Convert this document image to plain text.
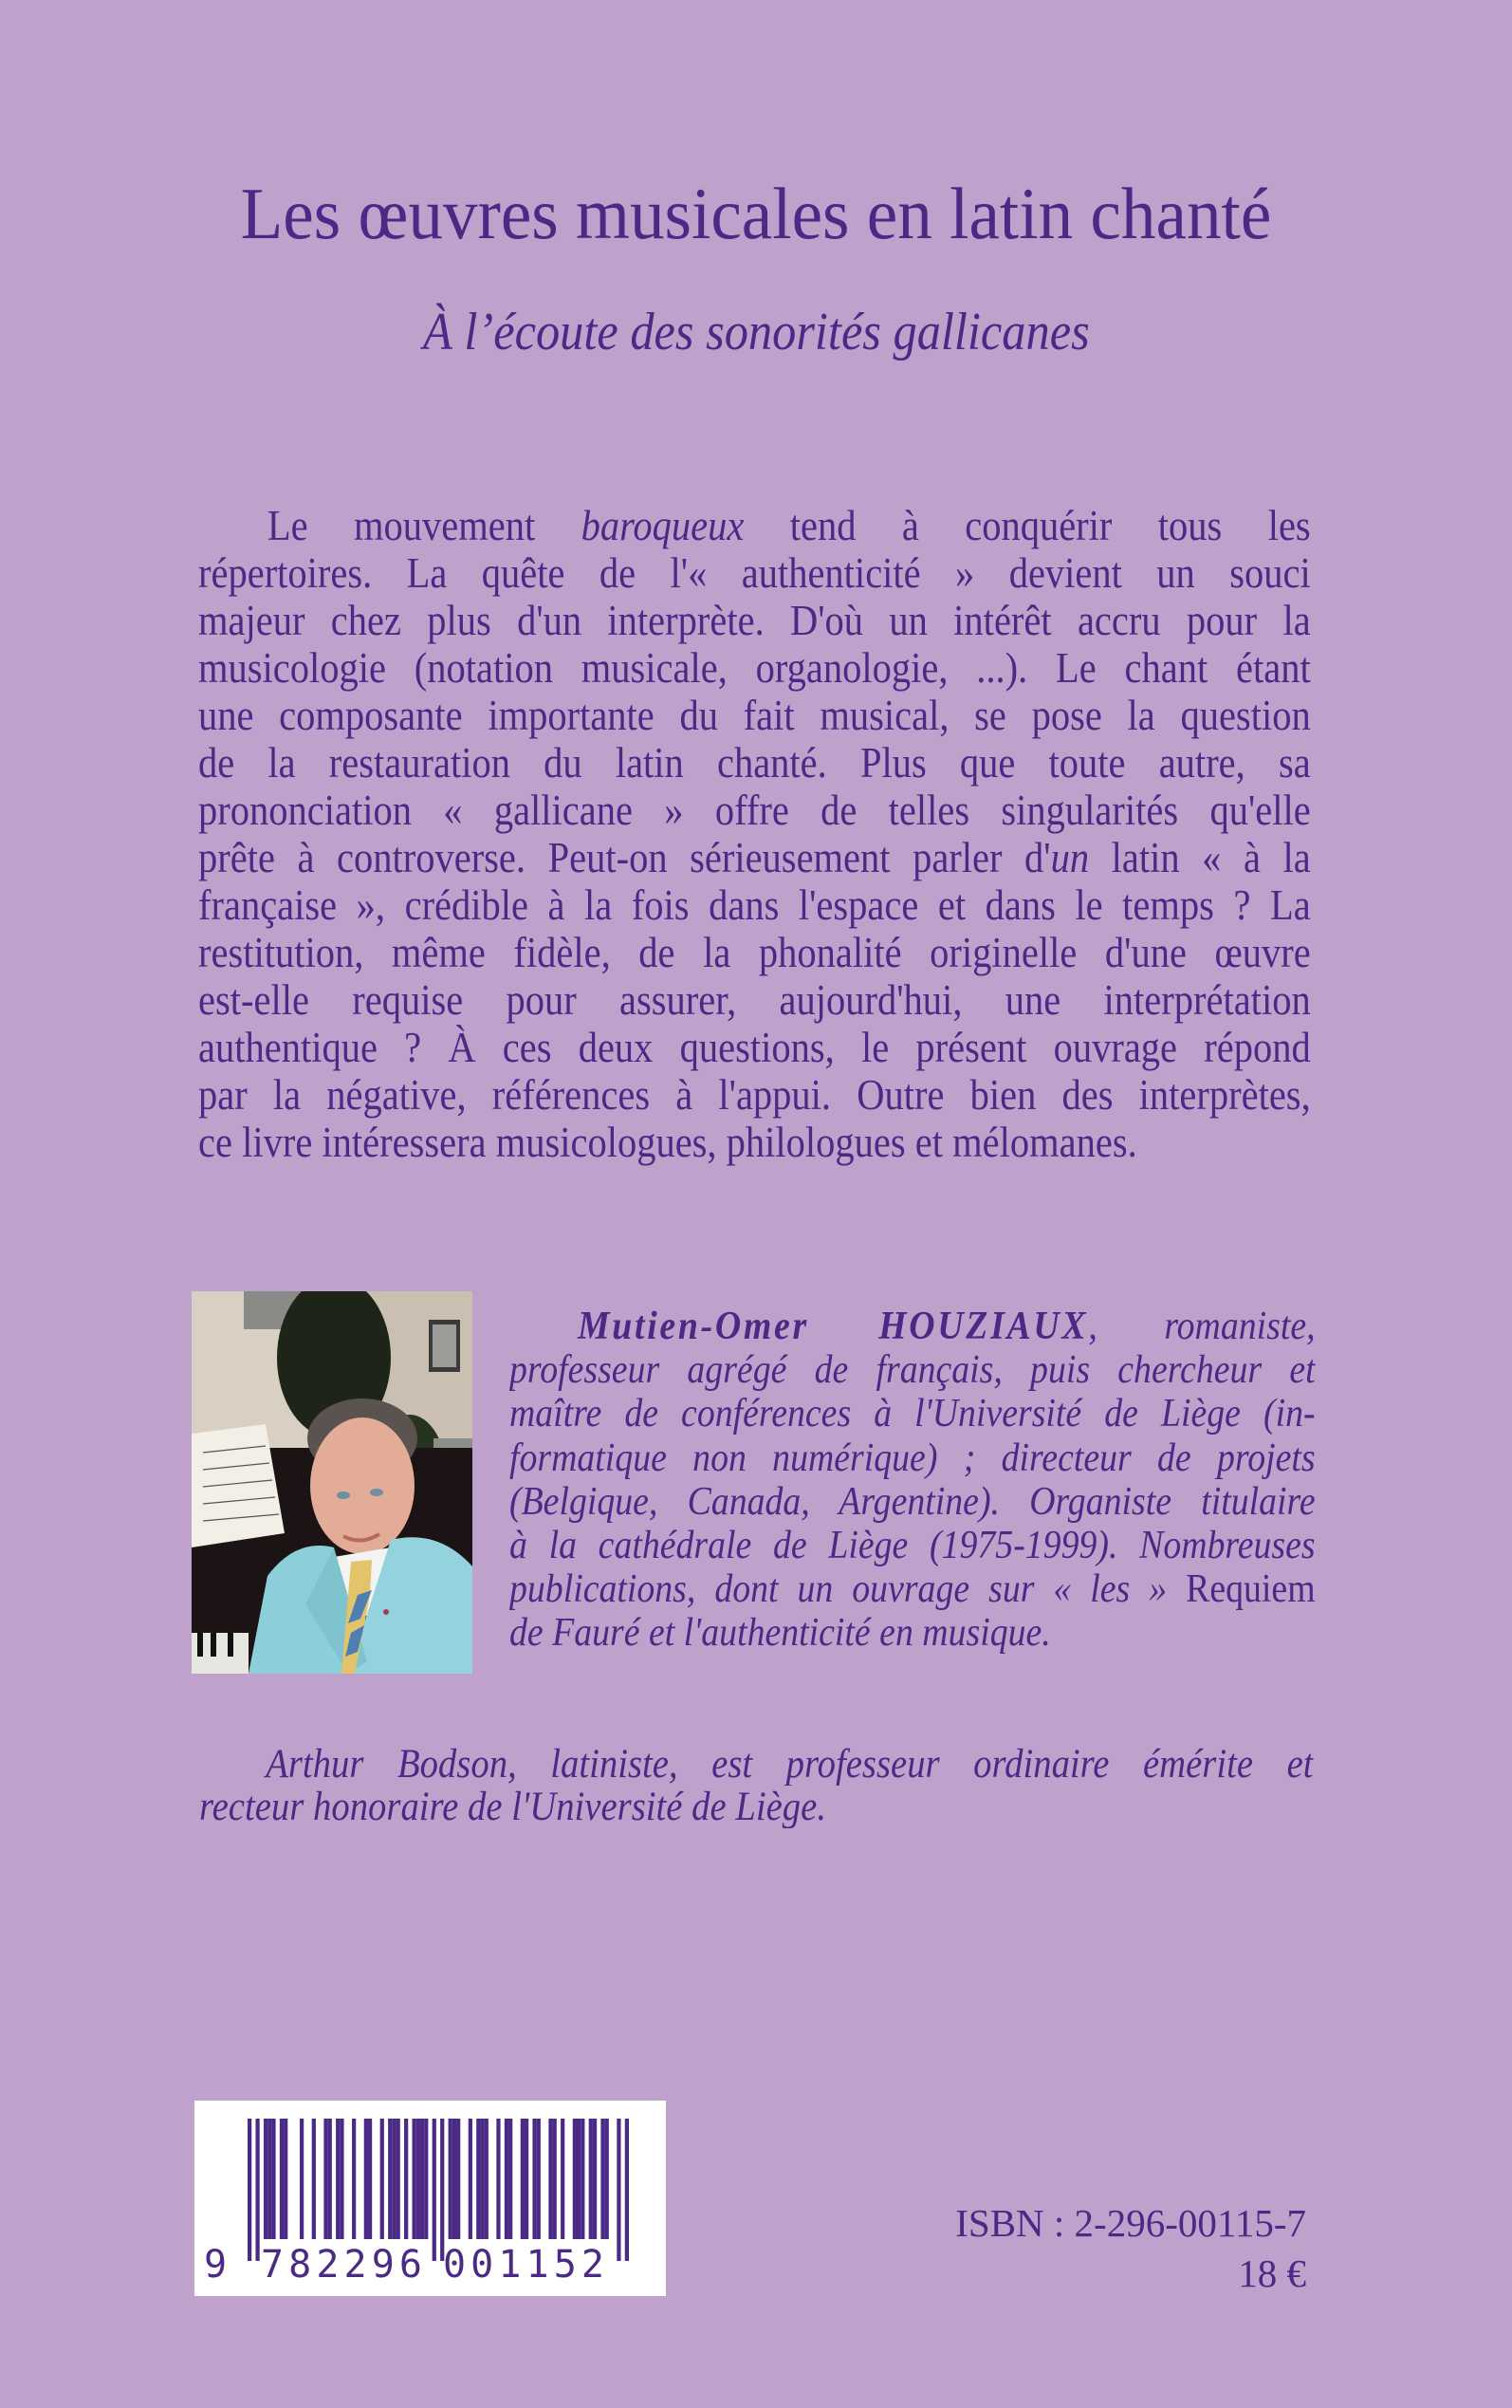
Les œuvres musicales en latin chanté
À l’écoute des sonorités gallicanes
Le mouvement baroqueux tend à conquérir tous les
répertoires. La quête de l'« authenticité » devient un souci
majeur chez plus d'un interprète. D'où un intérêt accru pour la
musicologie (notation musicale, organologie, ...). Le chant étant
une composante importante du fait musical, se pose la question
de la restauration du latin chanté. Plus que toute autre, sa
prononciation « gallicane » offre de telles singularités qu'elle
prête à controverse. Peut-on sérieusement parler d'un latin « à la
française », crédible à la fois dans l'espace et dans le temps ? La
restitution, même fidèle, de la phonalité originelle d'une œuvre
est-elle requise pour assurer, aujourd'hui, une interprétation
authentique ? À ces deux questions, le présent ouvrage répond
par la négative, références à l'appui. Outre bien des interprètes,
ce livre intéressera musicologues, philologues et mélomanes.
Mutien-Omer HOUZIAUX, romaniste,
professeur agrégé de français, puis chercheur et
maître de conférences à l'Université de Liège (in-
formatique non numérique) ; directeur de projets
(Belgique, Canada, Argentine). Organiste titulaire
à la cathédrale de Liège (1975-1999). Nombreuses
publications, dont un ouvrage sur « les » Requiem
de Fauré et l'authenticité en musique.
Arthur Bodson, latiniste, est professeur ordinaire émérite et
recteur honoraire de l'Université de Liège.
9 782296 001152
ISBN : 2-296-00115-7
18 €
